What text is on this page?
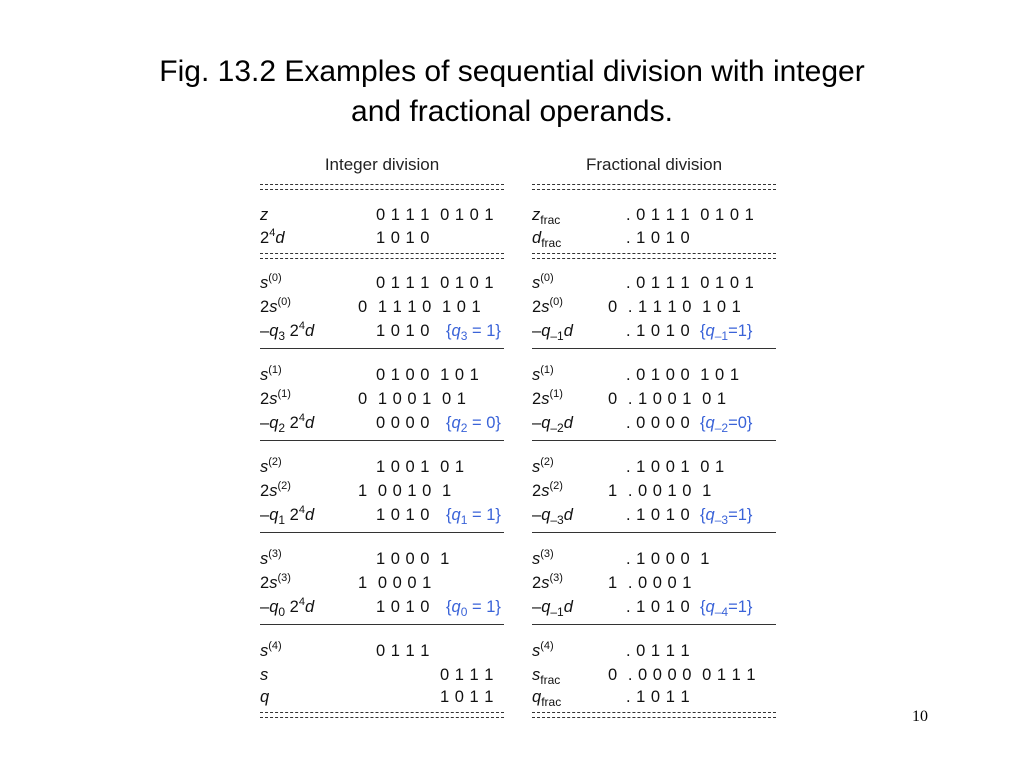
Fig. 13.2 Examples of sequential division with integer
and fractional operands.
Integer division
z	0 1 1 1  0 1 0 1
$2^4d$	1 0 1 0
$s^{(0)}$	0 1 1 1  0 1 0 1
$2s^{(0)}$	0  1 1 1 0  1 0 1
$-q_3$ $2^4d$	1 0 1 0 $\{q_3 = 1\}$
$s^{(1)}$	0 1 0 0  1 0 1
$2s^{(1)}$	0  1 0 0 1  0 1
$-q_2$ $2^4d$	0 0 0 0 $\{q_2 = 0\}$
$s^{(2)}$	1 0 0 1  0 1
$2s^{(2)}$	1  0 0 1 0  1
$-q_1$ $2^4d$	1 0 1 0 $\{q_1 = 1\}$
$s^{(3)}$	1 0 0 0  1
$2s^{(3)}$	1  0 0 0 1
$-q_0$ $2^4d$	1 0 1 0 $\{q_0 = 1\}$
$s^{(4)}$	0 1 1 1
s	0 1 1 1
q	1 0 1 1
Fractional division
$z_{frac}$	. 0 1 1 1  0 1 0 1
$d_{frac}$	. 1 0 1 0
$s^{(0)}$	. 0 1 1 1  0 1 0 1
$2s^{(0)}$	0  . 1 1 1 0  1 0 1
$-q_{-1}d$	. 1 0 1 0 $\{q_{-1}=1\}$
$s^{(1)}$	. 0 1 0 0  1 0 1
$2s^{(1)}$	0  . 1 0 0 1  0 1
$-q_{-2}d$	. 0 0 0 0 $\{q_{-2}=0\}$
$s^{(2)}$	. 1 0 0 1  0 1
$2s^{(2)}$	1  . 0 0 1 0  1
$-q_{-3}d$	. 1 0 1 0 $\{q_{-3}=1\}$
$s^{(3)}$	. 1 0 0 0  1
$2s^{(3)}$	1  . 0 0 0 1
$-q_{-1}d$	. 1 0 1 0 $\{q_{-4}=1\}$
$s^{(4)}$	. 0 1 1 1
$s_{frac}$	0  . 0 0 0 0  0 1 1 1
$q_{frac}$	. 1 0 1 1
10
